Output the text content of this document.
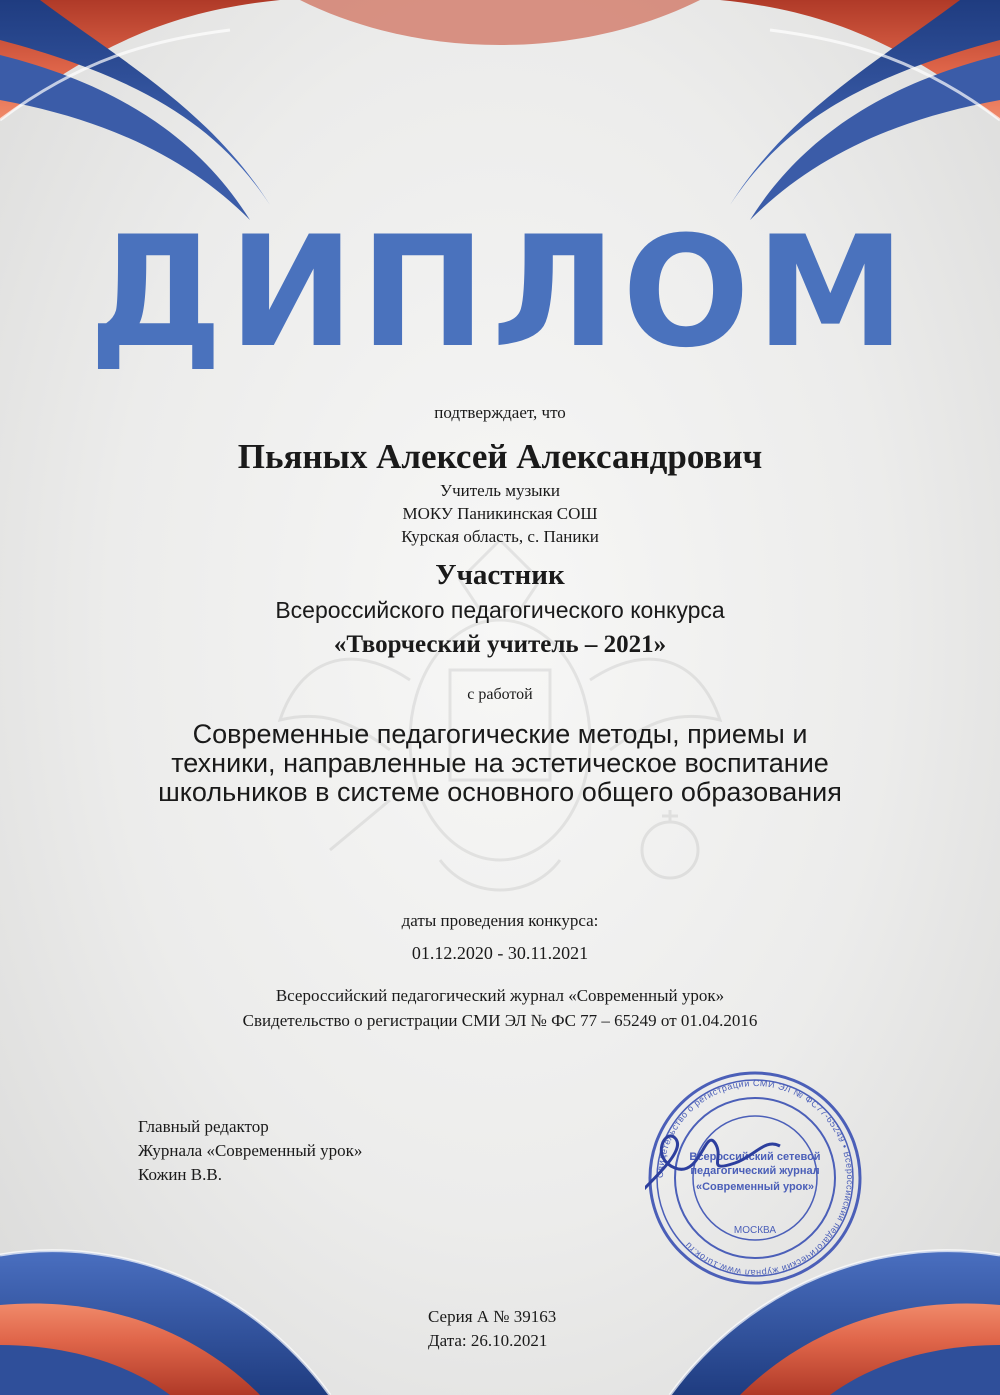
ДИПЛОМ
подтверждает, что
Пьяных Алексей Александрович
Учитель музыки
МОКУ Паникинская СОШ
Курская область, с. Паники
Участник
Всероссийского педагогического конкурса
«Творческий учитель – 2021»
с работой
Современные педагогические методы, приемы и техники, направленные на эстетическое воспитание школьников в системе основного общего образования
даты проведения конкурса:
01.12.2020 - 30.11.2021
Всероссийский педагогический журнал «Современный урок»
Свидетельство о регистрации СМИ ЭЛ № ФС 77 – 65249 от 01.04.2016
Главный редактор
Журнала «Современный урок»
Кожин В.В.	Свидетельство о регистрации СМИ ЭЛ № ФС77-65249 • Всероссийский педагогический журнал www.1urok.ru
Всероссийский сетевой
педагогический журнал
«Современный урок»
МОСКВА
Серия А № 39163
Дата: 26.10.2021
